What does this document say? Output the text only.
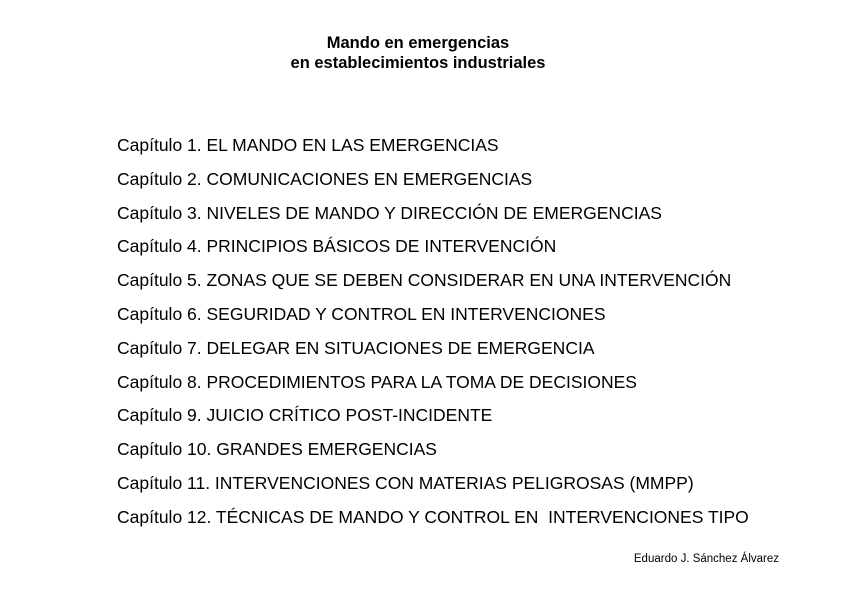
Mando en emergencias
en establecimientos industriales
Capítulo 1. EL MANDO EN LAS EMERGENCIAS
Capítulo 2. COMUNICACIONES EN EMERGENCIAS
Capítulo 3. NIVELES DE MANDO Y DIRECCIÓN DE EMERGENCIAS
Capítulo 4. PRINCIPIOS BÁSICOS DE INTERVENCIÓN
Capítulo 5. ZONAS QUE SE DEBEN CONSIDERAR EN UNA INTERVENCIÓN
Capítulo 6. SEGURIDAD Y CONTROL EN INTERVENCIONES
Capítulo 7. DELEGAR EN SITUACIONES DE EMERGENCIA
Capítulo 8. PROCEDIMIENTOS PARA LA TOMA DE DECISIONES
Capítulo 9. JUICIO CRÍTICO POST-INCIDENTE
Capítulo 10. GRANDES EMERGENCIAS
Capítulo 11. INTERVENCIONES CON MATERIAS PELIGROSAS (MMPP)
Capítulo 12. TÉCNICAS DE MANDO Y CONTROL EN  INTERVENCIONES TIPO
Eduardo J. Sánchez Álvarez
